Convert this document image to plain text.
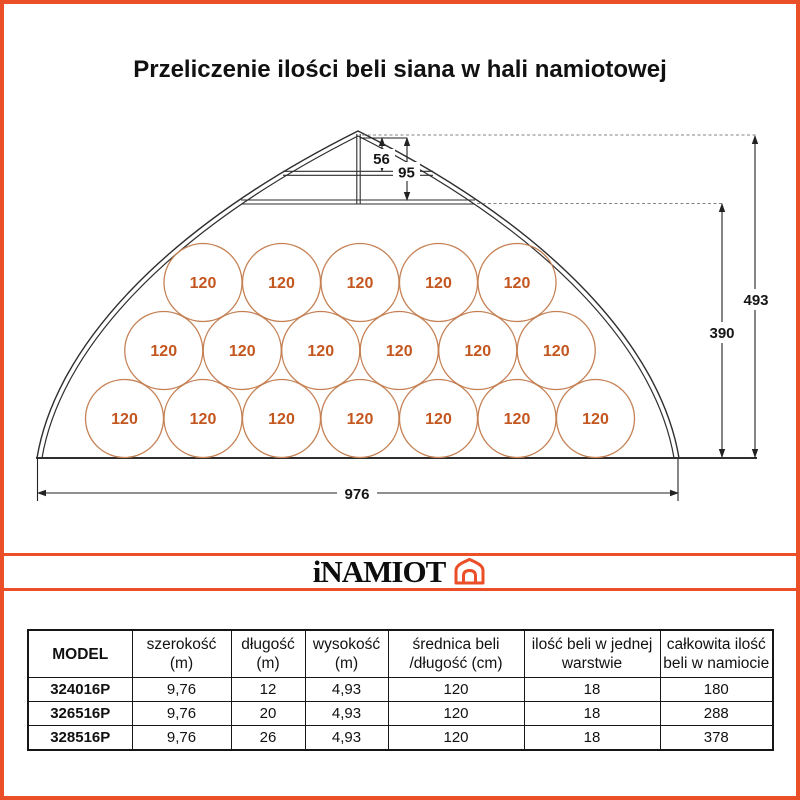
Przeliczenie ilości beli siana w hali namiotowej
120	120	120	120	120	120	120
120	120	120	120	120	120
120	120	120	120	120
56
95
493
390
976
iNAMIOT
MODEL

szerokość
(m)

długość
(m)

wysokość
(m)

średnica beli
/długość (cm)

ilość beli w jednej
warstwie

całkowita ilość
beli w namiocie

324016P	9,76	12	4,93	120	18	180
326516P	9,76	20	4,93	120	18	288
328516P	9,76	26	4,93	120	18	378
